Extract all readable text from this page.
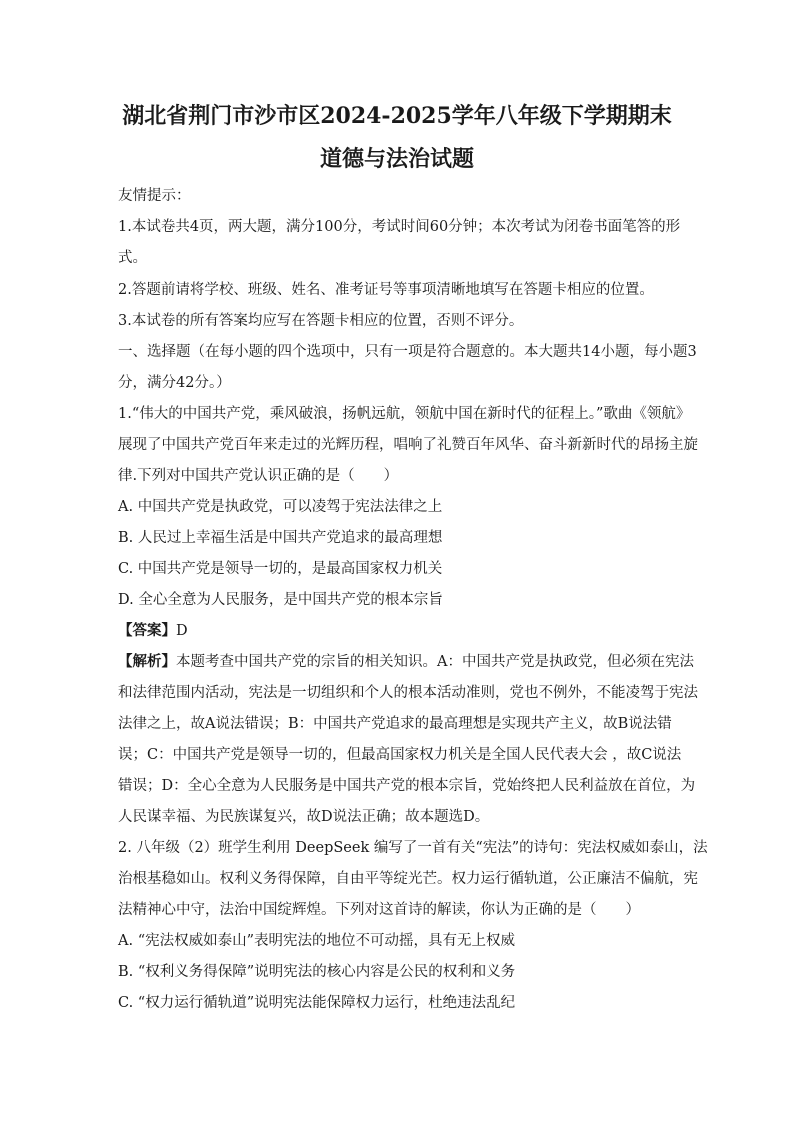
湖北省荆门市沙市区2024-2025学年八年级下学期期末
道德与法治试题
友情提示：
1.本试卷共4页，两大题，满分100分，考试时间60分钟；本次考试为闭卷书面笔答的形
式。
2.答题前请将学校、班级、姓名、准考证号等事项清晰地填写在答题卡相应的位置。
3.本试卷的所有答案均应写在答题卡相应的位置，否则不评分。
一、选择题（在每小题的四个选项中，只有一项是符合题意的。本大题共14小题，每小题3
分，满分42分。）
1.“伟大的中国共产党，乘风破浪，扬帆远航，领航中国在新时代的征程上。”歌曲《领航》
展现了中国共产党百年来走过的光辉历程，唱响了礼赞百年风华、奋斗新新时代的昂扬主旋
律.下列对中国共产党认识正确的是（　　）
A. 中国共产党是执政党，可以凌驾于宪法法律之上
B. 人民过上幸福生活是中国共产党追求的最高理想
C. 中国共产党是领导一切的，是最高国家权力机关
D. 全心全意为人民服务，是中国共产党的根本宗旨
【答案】D
【解析】本题考查中国共产党的宗旨的相关知识。A：中国共产党是执政党，但必须在宪法
和法律范围内活动，宪法是一切组织和个人的根本活动准则，党也不例外，不能凌驾于宪法
法律之上，故A说法错误；B：中国共产党追求的最高理想是实现共产主义，故B说法错
误；C：中国共产党是领导一切的，但最高国家权力机关是全国人民代表大会 ，故C说法
错误；D：全心全意为人民服务是中国共产党的根本宗旨，党始终把人民利益放在首位，为
人民谋幸福、为民族谋复兴，故D说法正确；故本题选D。
2. 八年级（2）班学生利用 DeepSeek 编写了一首有关“宪法”的诗句：宪法权威如泰山，法
治根基稳如山。权利义务得保障，自由平等绽光芒。权力运行循轨道，公正廉洁不偏航，宪
法精神心中守，法治中国绽辉煌。下列对这首诗的解读，你认为正确的是（　　）
A. “宪法权威如泰山”表明宪法的地位不可动摇，具有无上权威
B. “权利义务得保障”说明宪法的核心内容是公民的权利和义务
C. “权力运行循轨道”说明宪法能保障权力运行，杜绝违法乱纪
